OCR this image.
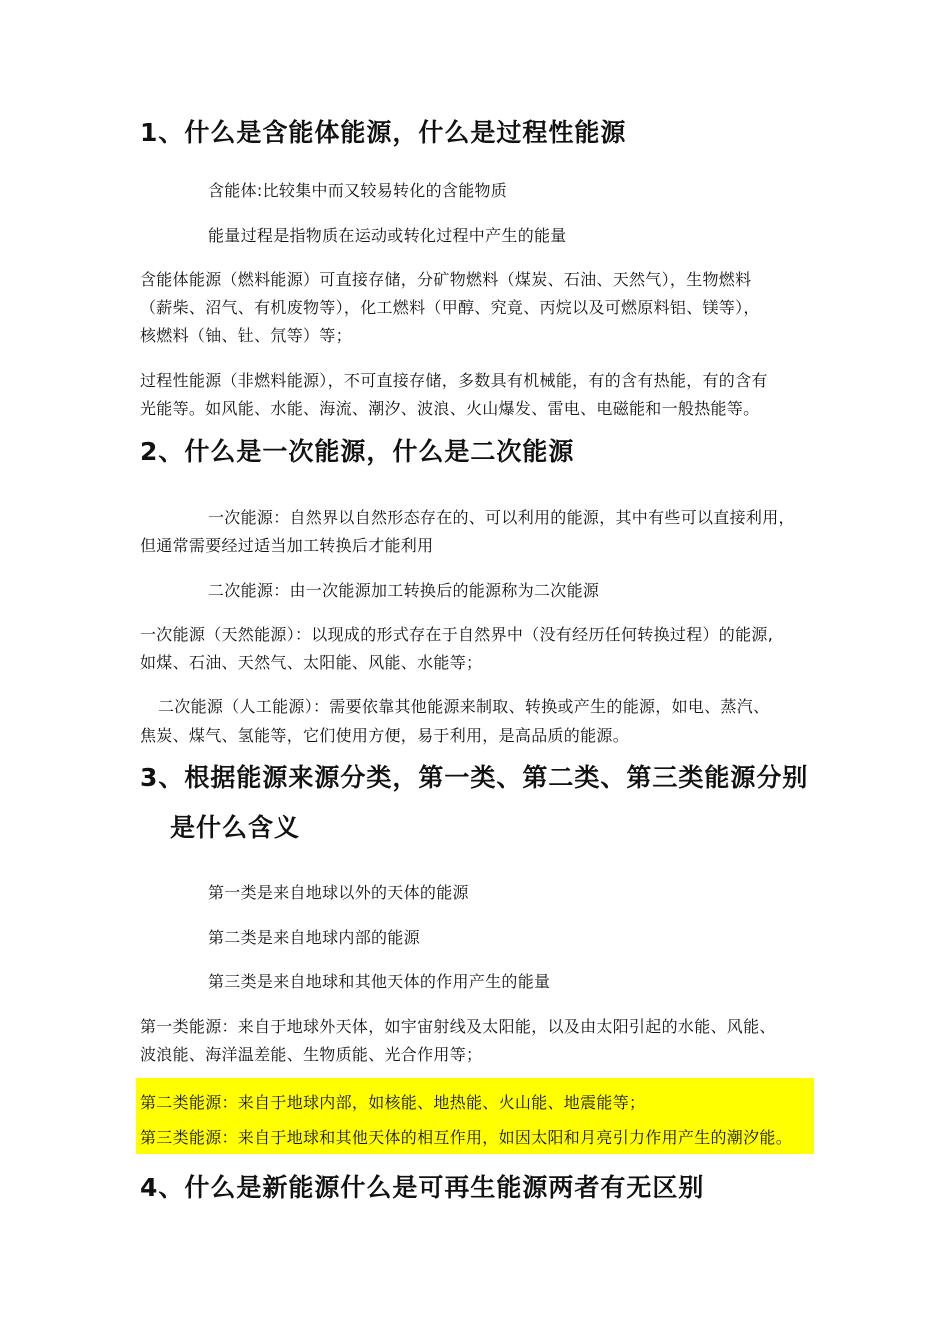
1、什么是含能体能源，什么是过程性能源
含能体:比较集中而又较易转化的含能物质
能量过程是指物质在运动或转化过程中产生的能量
含能体能源（燃料能源）可直接存储，分矿物燃料（煤炭、石油、天然气），生物燃料
（薪柴、沼气、有机废物等），化工燃料（甲醇、究竟、丙烷以及可燃原料铝、镁等），
核燃料（铀、钍、氘等）等；
过程性能源（非燃料能源），不可直接存储，多数具有机械能，有的含有热能，有的含有
光能等。如风能、水能、海流、潮汐、波浪、火山爆发、雷电、电磁能和一般热能等。
2、什么是一次能源，什么是二次能源
一次能源：自然界以自然形态存在的、可以利用的能源，其中有些可以直接利用，
但通常需要经过适当加工转换后才能利用
二次能源：由一次能源加工转换后的能源称为二次能源
一次能源（天然能源）：以现成的形式存在于自然界中（没有经历任何转换过程）的能源,
如煤、石油、天然气、太阳能、风能、水能等；
二次能源（人工能源）：需要依靠其他能源来制取、转换或产生的能源，如电、蒸汽、
焦炭、煤气、氢能等，它们使用方便，易于利用，是高品质的能源。
3、根据能源来源分类，第一类、第二类、第三类能源分别
是什么含义
第一类是来自地球以外的天体的能源
第二类是来自地球内部的能源
第三类是来自地球和其他天体的作用产生的能量
第一类能源：来自于地球外天体，如宇宙射线及太阳能，以及由太阳引起的水能、风能、
波浪能、海洋温差能、生物质能、光合作用等；
第二类能源：来自于地球内部，如核能、地热能、火山能、地震能等；
第三类能源：来自于地球和其他天体的相互作用，如因太阳和月亮引力作用产生的潮汐能。
4、什么是新能源什么是可再生能源两者有无区别
